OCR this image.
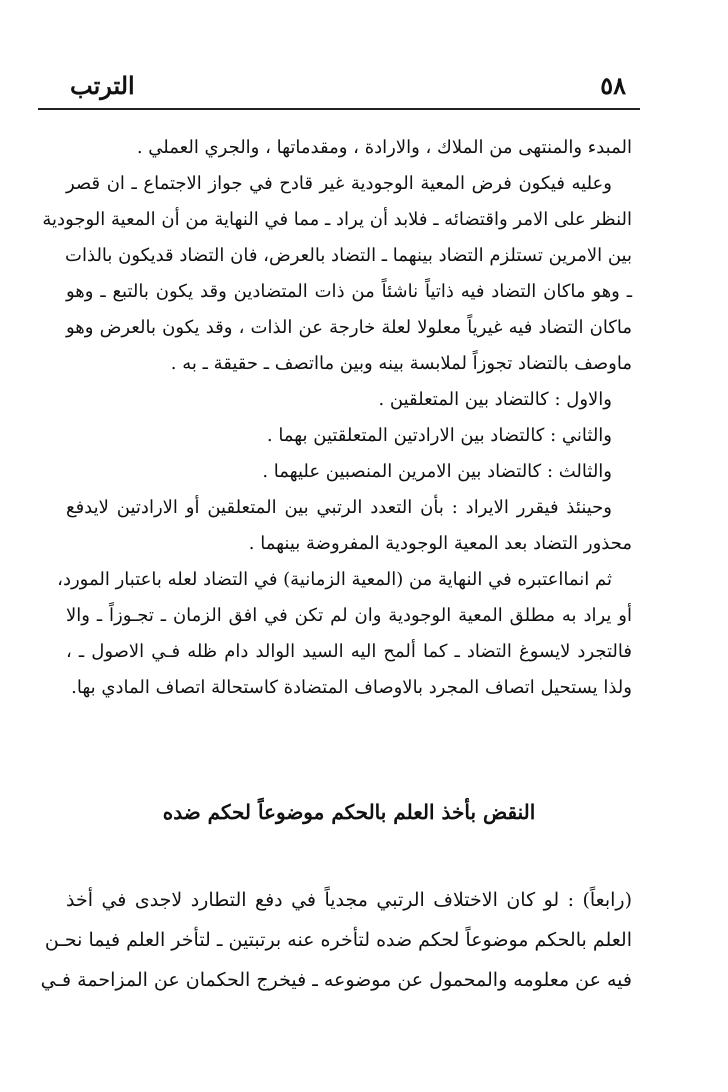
٥٨
الترتب
المبدء والمنتهى من الملاك ، والارادة ، ومقدماتها ، والجري العملي .
وعليه فيكون فرض المعية الوجودية غير قادح في جواز الاجتماع ـ ان قصر
النظر على الامر واقتضائه ـ فلابد أن يراد ـ مما في النهاية من أن المعية الوجودية
بين الامرين تستلزم التضاد بينهما ـ التضاد بالعرض، فان التضاد قديكون بالذات
ـ وهو ماكان التضاد فيه ذاتياً ناشئاً من ذات المتضادين وقد يكون بالتبع ـ وهو
ماكان التضاد فيه غيرياً معلولا لعلة خارجة عن الذات ، وقد يكون بالعرض وهو
ماوصف بالتضاد تجوزاً لملابسة بينه وبين مااتصف ـ حقيقة ـ به .
والاول : كالتضاد بين المتعلقين .
والثاني : كالتضاد بين الارادتين المتعلقتين بهما .
والثالث : كالتضاد بين الامرين المنصبين عليهما .
وحينئذ فيقرر الايراد : بأن التعدد الرتبي بين المتعلقين أو الارادتين لايدفع
محذور التضاد بعد المعية الوجودية المفروضة بينهما .
ثم انمااعتبره في النهاية من (المعية الزمانية) في التضاد لعله باعتبار المورد،
أو يراد به مطلق المعية الوجودية وان لم تكن في افق الزمان ـ تجـوزاً ـ والا
فالتجرد لايسوغ التضاد ـ كما ألمح اليه السيد الوالد دام ظله فـي الاصول ـ ،
ولذا يستحيل اتصاف المجرد بالاوصاف المتضادة كاستحالة اتصاف المادي بها.
النقض بأخذ العلم بالحكم موضوعاً لحكم ضده
(رابعاً) : لو كان الاختلاف الرتبي مجدياً في دفع التطارد لاجدى في أخذ
العلم بالحكم موضوعاً لحكم ضده لتأخره عنه برتبتين ـ لتأخر العلم فيما نحـن
فيه عن معلومه والمحمول عن موضوعه ـ فيخرج الحكمان عن المزاحمة فـي
